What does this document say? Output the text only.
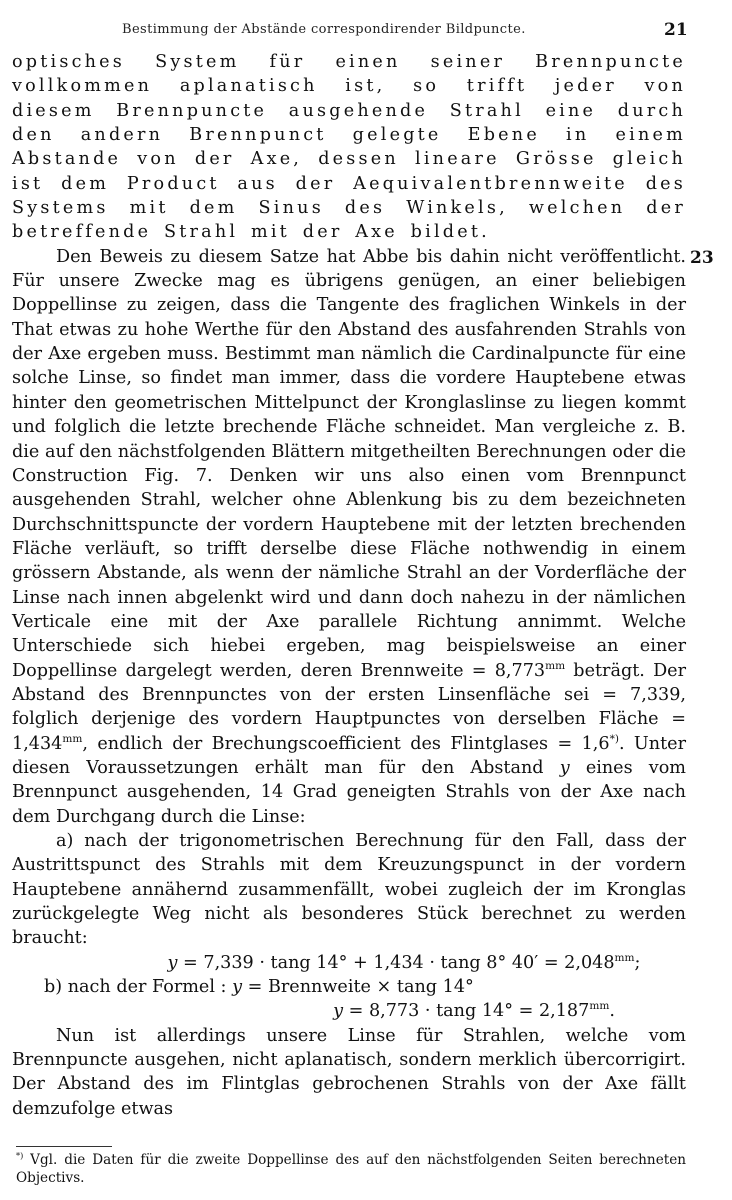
Bestimmung der Abstände correspondirender Bildpuncte.	21
23

optisches System für einen seiner Brennpuncte vollkommen aplanatisch ist, so trifft jeder von diesem Brennpuncte ausgehende Strahl eine durch den andern Brennpunct gelegte Ebene in einem Abstande von der Axe, dessen lineare Grösse gleich ist dem Product aus der Aequivalentbrennweite des Systems mit dem Sinus des Winkels, welchen der betreffende Strahl mit der Axe bildet.

Den Beweis zu diesem Satze hat Abbe bis dahin nicht veröffentlicht. Für unsere Zwecke mag es übrigens genügen, an einer beliebigen Doppellinse zu zeigen, dass die Tangente des fraglichen Winkels in der That etwas zu hohe Werthe für den Abstand des ausfahrenden Strahls von der Axe ergeben muss. Bestimmt man nämlich die Cardinalpuncte für eine solche Linse, so findet man immer, dass die vordere Hauptebene etwas hinter den geometrischen Mittelpunct der Kronglaslinse zu liegen kommt und folglich die letzte brechende Fläche schneidet. Man vergleiche z. B. die auf den nächstfolgenden Blättern mitgetheilten Berechnungen oder die Construction Fig. 7. Denken wir uns also einen vom Brennpunct ausgehenden Strahl, welcher ohne Ablenkung bis zu dem bezeichneten Durchschnittspuncte der vordern Hauptebene mit der letzten brechenden Fläche verläuft, so trifft derselbe diese Fläche nothwendig in einem grössern Abstande, als wenn der nämliche Strahl an der Vorderfläche der Linse nach innen abgelenkt wird und dann doch nahezu in der nämlichen Verticale eine mit der Axe parallele Richtung annimmt. Welche Unterschiede sich hiebei ergeben, mag beispielsweise an einer Doppellinse dargelegt werden, deren Brennweite = $8,773^{mm}$ beträgt. Der Abstand des Brennpunctes von der ersten Linsenfläche sei = 7,339, folglich derjenige des vordern Hauptpunctes von derselben Fläche = $1,434^{mm}$, endlich der Brechungscoefficient des Flintglases = 1,6*). Unter diesen Voraussetzungen erhält man für den Abstand y eines vom Brennpunct ausgehenden, 14 Grad geneigten Strahls von der Axe nach dem Durchgang durch die Linse:

a) nach der trigonometrischen Berechnung für den Fall, dass der Austrittspunct des Strahls mit dem Kreuzungspunct in der vordern Hauptebene annähernd zusammenfällt, wobei zugleich der im Kronglas zurückgelegte Weg nicht als besonderes Stück berechnet zu werden braucht:

y = 7,339 · tang 14° + 1,434 · tang 8° $40' = 2,048^{mm}$;

b) nach der Formel : y = Brennweite × tang 14°

y = 8,773 · tang $14^\circ = 2,187^{mm}$.

Nun ist allerdings unsere Linse für Strahlen, welche vom Brennpuncte ausgehen, nicht aplanatisch, sondern merklich übercorrigirt. Der Abstand des im Flintglas gebrochenen Strahls von der Axe fällt demzufolge etwas

*) Vgl. die Daten für die zweite Doppellinse des auf den nächstfolgenden Seiten berechneten Objectivs.
